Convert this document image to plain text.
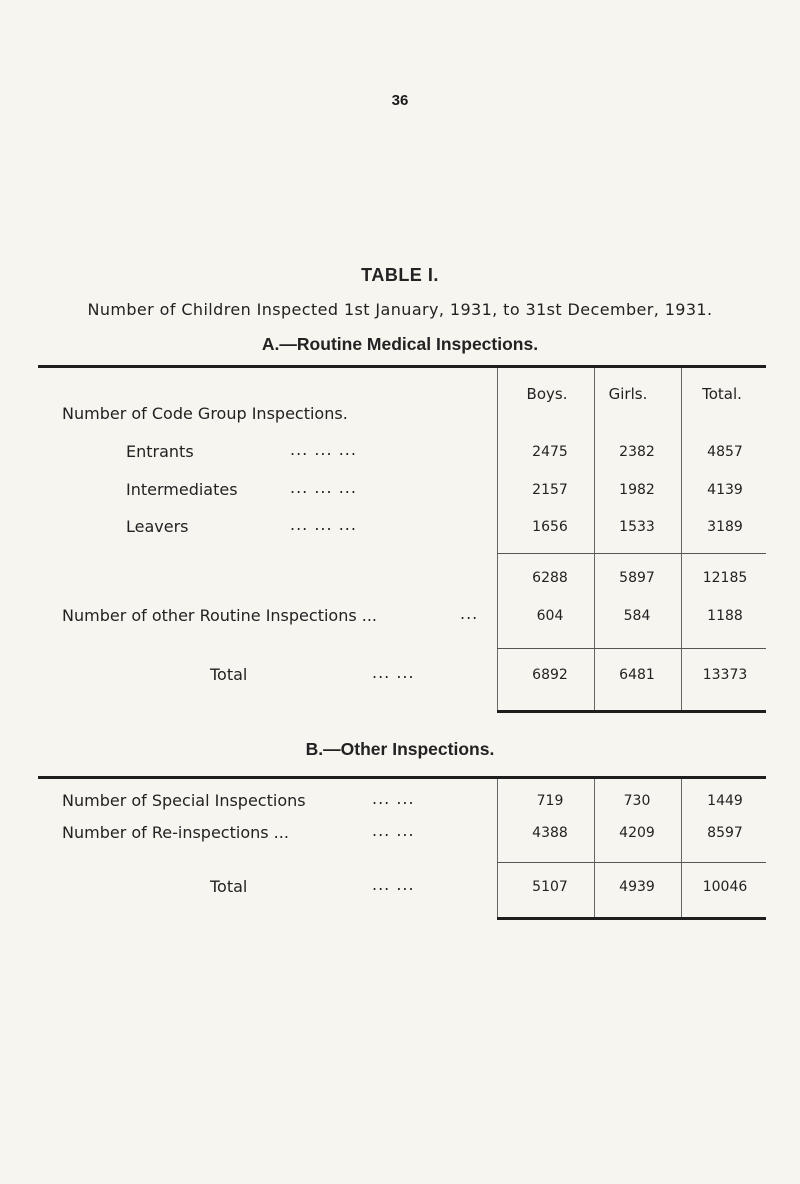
36
TABLE I.
Number of Children Inspected 1st January, 1931, to 31st December, 1931.
A.—Routine Medical Inspections.
Boys.	Girls.	Total.
Number of Code Group Inspections.
Entrants	... ... ...	2475	2382	4857
Intermediates	... ... ...	2157	1982	4139
Leavers	... ... ...	1656	1533	3189
6288	5897	12185
Number of other Routine Inspections ...	...	604	584	1188
Total	... ...	6892	6481	13373
B.—Other Inspections.
Number of Special Inspections	... ...	719	730	1449
Number of Re-inspections ...	... ...	4388	4209	8597
Total	... ...	5107	4939	10046
